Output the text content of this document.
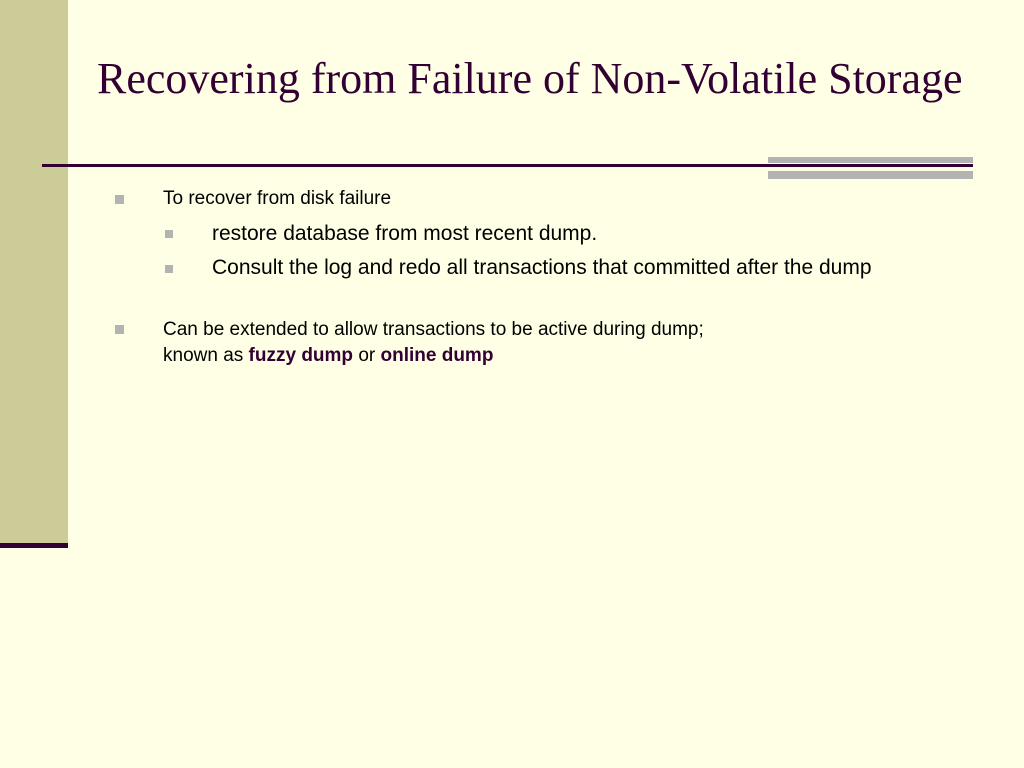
Recovering from Failure of Non-Volatile Storage

To recover from disk failure

restore database from most recent dump.

Consult the log and redo all transactions that committed after the dump

Can be extended to allow transactions to be active during dump;
known as fuzzy dump or online dump
